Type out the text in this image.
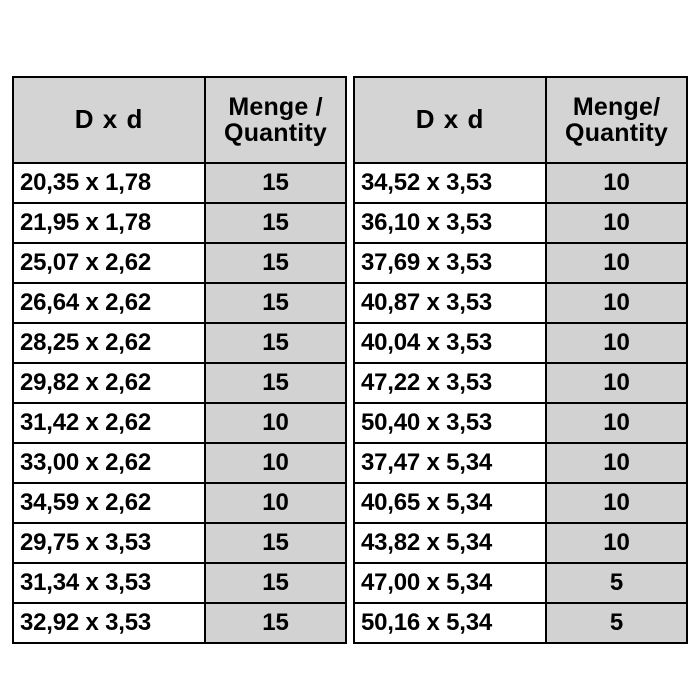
D x d	Menge /
Quantity

20,35 x 1,78	15
21,95 x 1,78	15
25,07 x 2,62	15
26,64 x 2,62	15
28,25 x 2,62	15
29,82 x 2,62	15
31,42 x 2,62	10
33,00 x 2,62	10
34,59 x 2,62	10
29,75 x 3,53	15
31,34 x 3,53	15
32,92 x 3,53	15
D x d	Menge/
Quantity

34,52 x 3,53	10
36,10 x 3,53	10
37,69 x 3,53	10
40,87 x 3,53	10
40,04 x 3,53	10
47,22 x 3,53	10
50,40 x 3,53	10
37,47 x 5,34	10
40,65 x 5,34	10
43,82 x 5,34	10
47,00 x 5,34	5
50,16 x 5,34	5
